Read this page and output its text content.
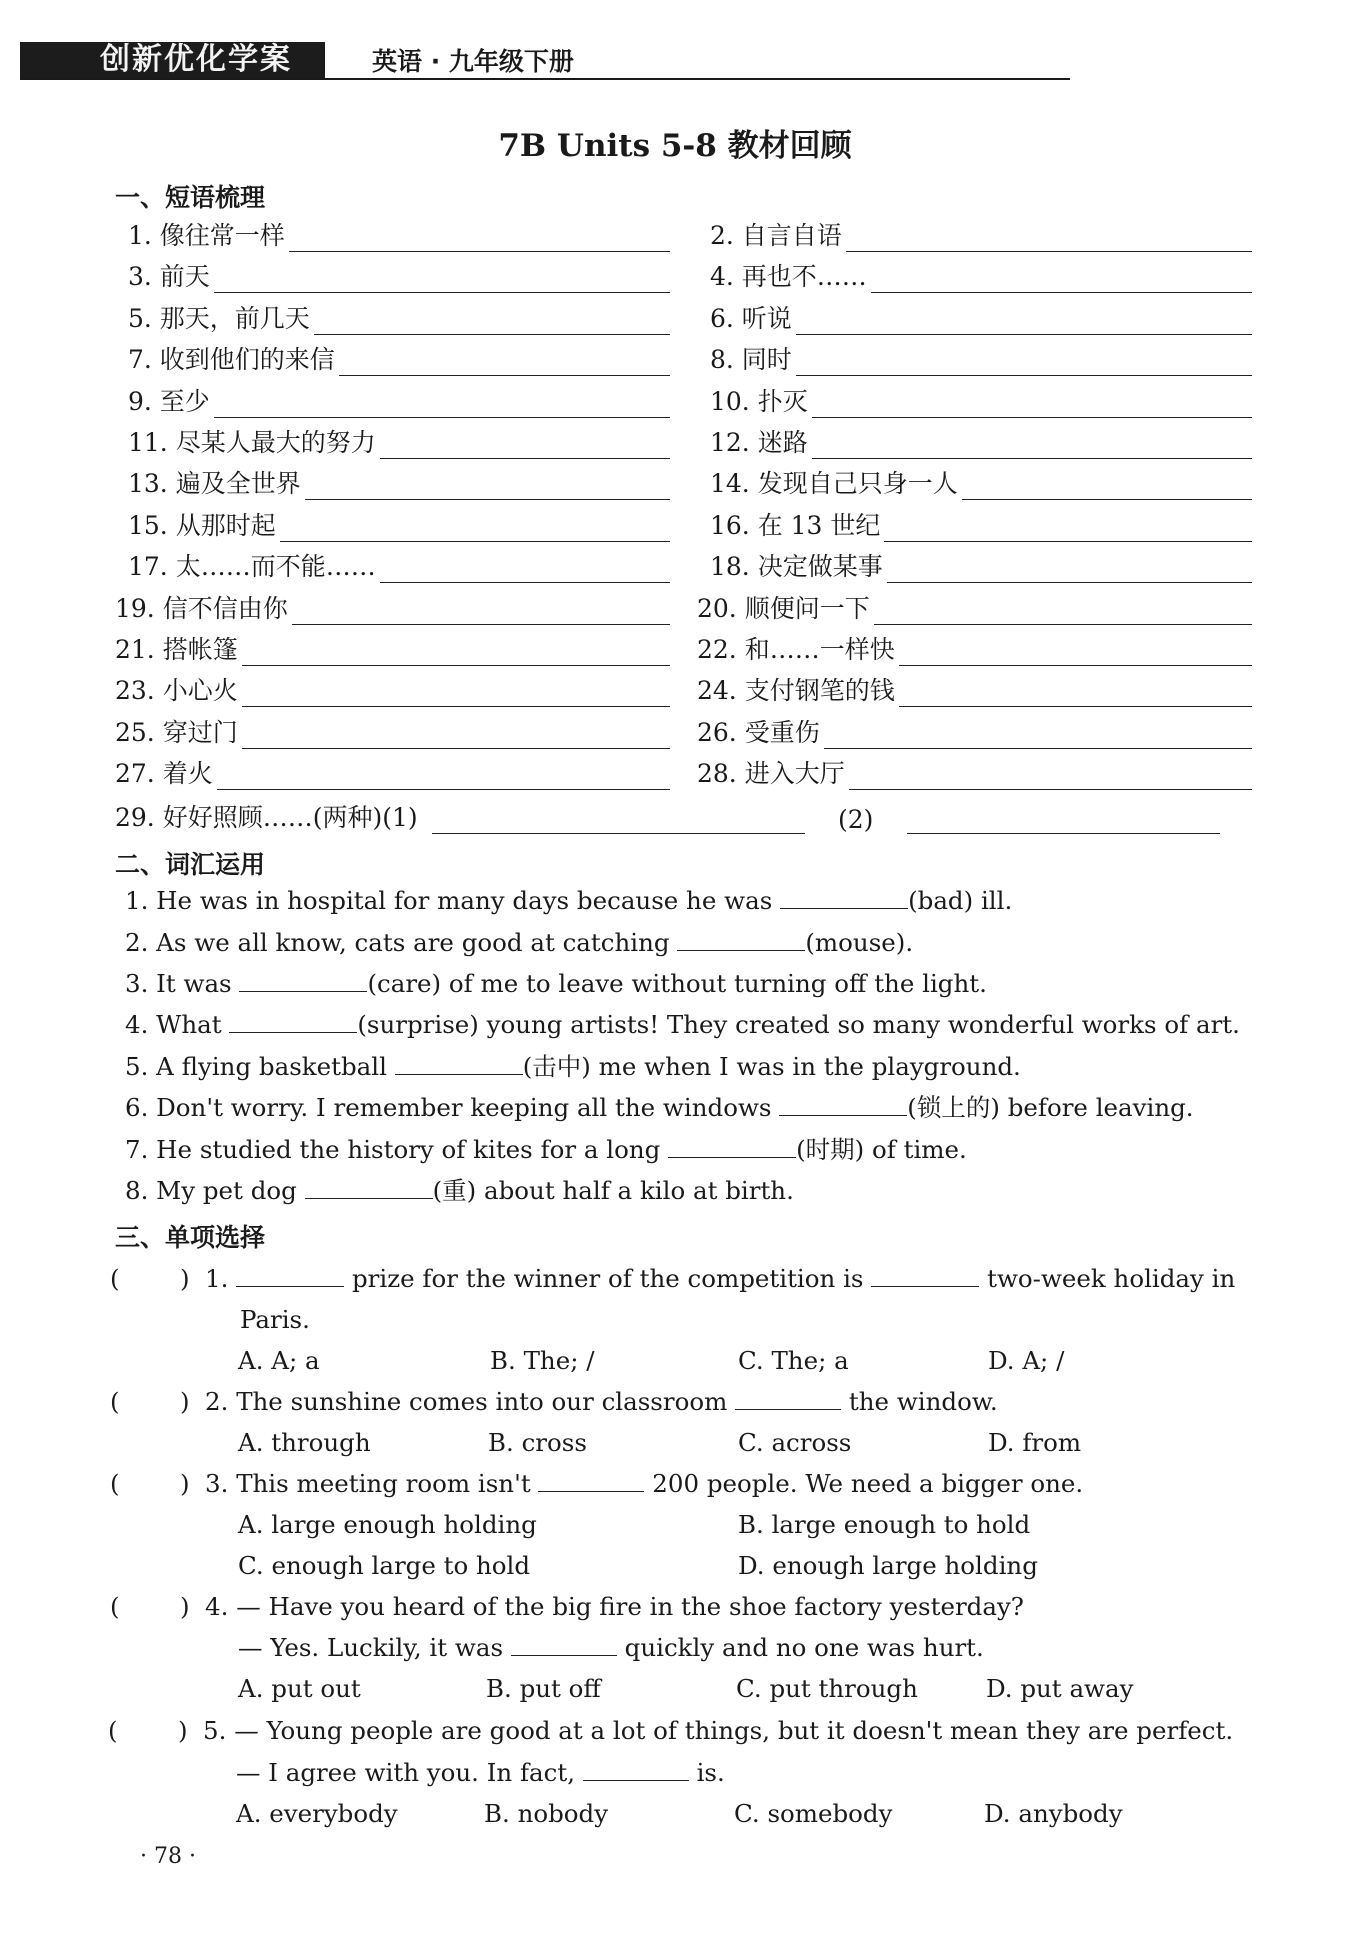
创新优化学案	英语 · 九年级下册
7B Units 5-8 教材回顾
一、短语梳理
1. 像往常一样	2. 自言自语
3. 前天	4. 再也不……
5. 那天，前几天	6. 听说
7. 收到他们的来信	8. 同时
9. 至少	10. 扑灭
11. 尽某人最大的努力	12. 迷路
13. 遍及全世界	14. 发现自己只身一人
15. 从那时起	16. 在 13 世纪
17. 太……而不能……	18. 决定做某事
19. 信不信由你	20. 顺便问一下
21. 搭帐篷	22. 和……一样快
23. 小心火	24. 支付钢笔的钱
25. 穿过门	26. 受重伤
27. 着火	28. 进入大厅
29. 好好照顾……(两种)(1)	(2)
二、词汇运用
1. He was in hospital for many days because he was	(bad) ill.
2. As we all know, cats are good at catching	(mouse).
3. It was	(care) of me to leave without turning off the light.
4. What	(surprise) young artists! They created so many wonderful works of art.
5. A flying basketball	(击中) me when I was in the playground.
6. Don't worry. I remember keeping all the windows	(锁上的) before leaving.
7. He studied the history of kites for a long	(时期) of time.
8. My pet dog	(重) about half a kilo at birth.
三、单项选择
( ) 1.	prize for the winner of the competition is	two-week holiday in
Paris.
A. A; a	B. The; /	C. The; a	D. A; /
( ) 2. The sunshine comes into our classroom	the window.
A. through	B. cross	C. across	D. from
( ) 3. This meeting room isn't	200 people. We need a bigger one.
A. large enough holding	B. large enough to hold
C. enough large to hold	D. enough large holding
( ) 4. — Have you heard of the big fire in the shoe factory yesterday?
— Yes. Luckily, it was	quickly and no one was hurt.
A. put out	B. put off	C. put through	D. put away
( ) 5. — Young people are good at a lot of things, but it doesn't mean they are perfect.
— I agree with you. In fact,	is.
A. everybody	B. nobody	C. somebody	D. anybody
· 78 ·
